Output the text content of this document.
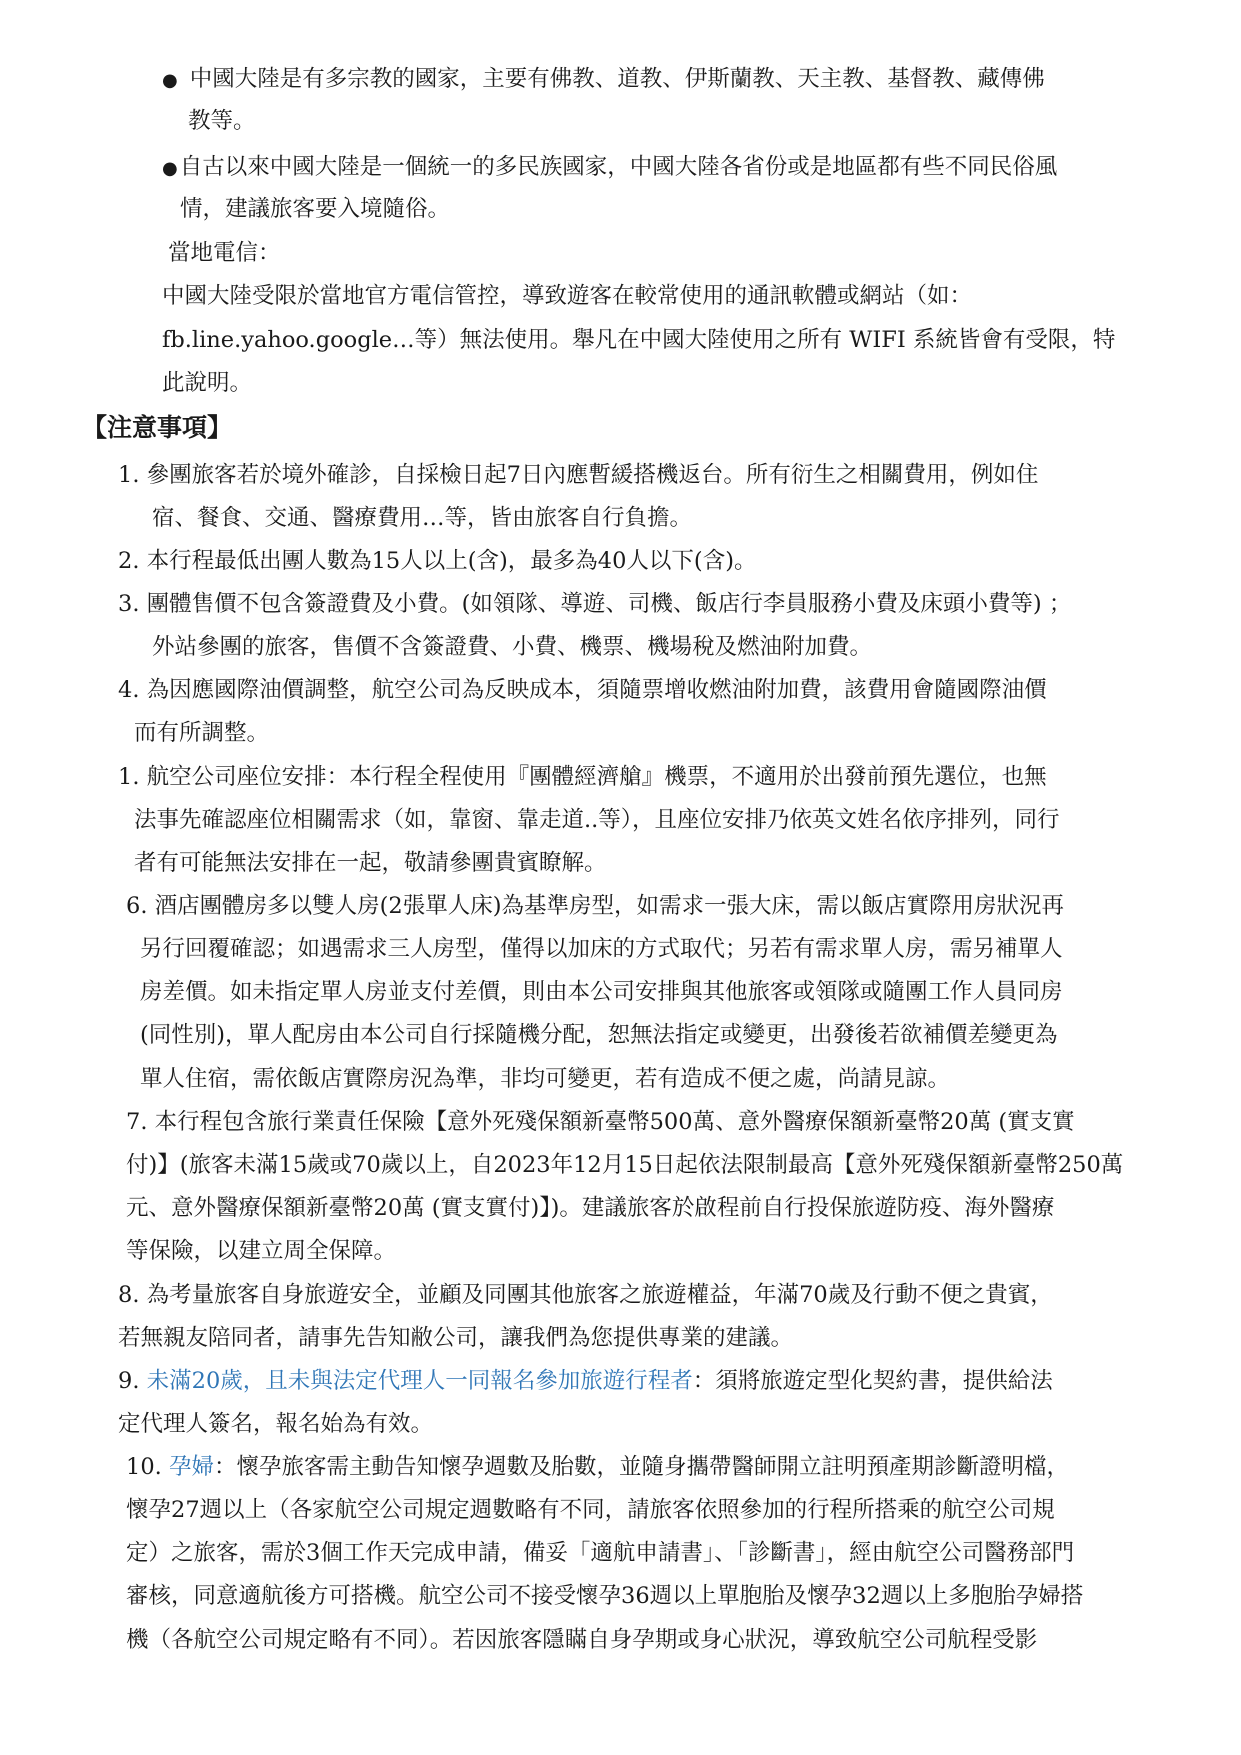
● 中國大陸是有多宗教的國家，主要有佛教、道教、伊斯蘭教、天主教、基督教、藏傳佛
教等。
●自古以來中國大陸是一個統一的多民族國家，中國大陸各省份或是地區都有些不同民俗風
情，建議旅客要入境隨俗。
當地電信：
中國大陸受限於當地官方電信管控，導致遊客在較常使用的通訊軟體或網站（如：
fb.line.yahoo.google…等）無法使用。舉凡在中國大陸使用之所有 WIFI 系統皆會有受限，特
此說明。
【注意事項】
1. 參團旅客若於境外確診，自採檢日起7日內應暫緩搭機返台。所有衍生之相關費用，例如住
宿、餐食、交通、醫療費用…等，皆由旅客自行負擔。
2. 本行程最低出團人數為15人以上(含)，最多為40人以下(含)。
3. 團體售價不包含簽證費及小費。(如領隊、導遊、司機、飯店行李員服務小費及床頭小費等) ；
外站參團的旅客，售價不含簽證費、小費、機票、機場稅及燃油附加費。
4. 為因應國際油價調整，航空公司為反映成本，須隨票增收燃油附加費，該費用會隨國際油價
而有所調整。
1. 航空公司座位安排：本行程全程使用『團體經濟艙』機票，不適用於出發前預先選位，也無
法事先確認座位相關需求（如，靠窗、靠走道..等），且座位安排乃依英文姓名依序排列，同行
者有可能無法安排在一起，敬請參團貴賓瞭解。
6. 酒店團體房多以雙人房(2張單人床)為基準房型，如需求一張大床，需以飯店實際用房狀況再
另行回覆確認；如遇需求三人房型，僅得以加床的方式取代；另若有需求單人房，需另補單人
房差價。如未指定單人房並支付差價，則由本公司安排與其他旅客或領隊或隨團工作人員同房
(同性別)，單人配房由本公司自行採隨機分配，恕無法指定或變更，出發後若欲補價差變更為
單人住宿，需依飯店實際房況為準，非均可變更，若有造成不便之處，尚請見諒。
7. 本行程包含旅行業責任保險【意外死殘保額新臺幣500萬、意外醫療保額新臺幣20萬 (實支實
付)】(旅客未滿15歲或70歲以上，自2023年12月15日起依法限制最高【意外死殘保額新臺幣250萬
元、意外醫療保額新臺幣20萬 (實支實付)】)。建議旅客於啟程前自行投保旅遊防疫、海外醫療
等保險，以建立周全保障。
8. 為考量旅客自身旅遊安全，並顧及同團其他旅客之旅遊權益，年滿70歲及行動不便之貴賓，
若無親友陪同者，請事先告知敝公司，讓我們為您提供專業的建議。
9. 未滿20歲，且未與法定代理人一同報名參加旅遊行程者：須將旅遊定型化契約書，提供給法
定代理人簽名，報名始為有效。
10. 孕婦：懷孕旅客需主動告知懷孕週數及胎數，並隨身攜帶醫師開立註明預產期診斷證明檔，
懷孕27週以上（各家航空公司規定週數略有不同，請旅客依照參加的行程所搭乘的航空公司規
定）之旅客，需於3個工作天完成申請，備妥「適航申請書」、「診斷書」，經由航空公司醫務部門
審核，同意適航後方可搭機。航空公司不接受懷孕36週以上單胞胎及懷孕32週以上多胞胎孕婦搭
機（各航空公司規定略有不同）。若因旅客隱瞞自身孕期或身心狀況，導致航空公司航程受影
